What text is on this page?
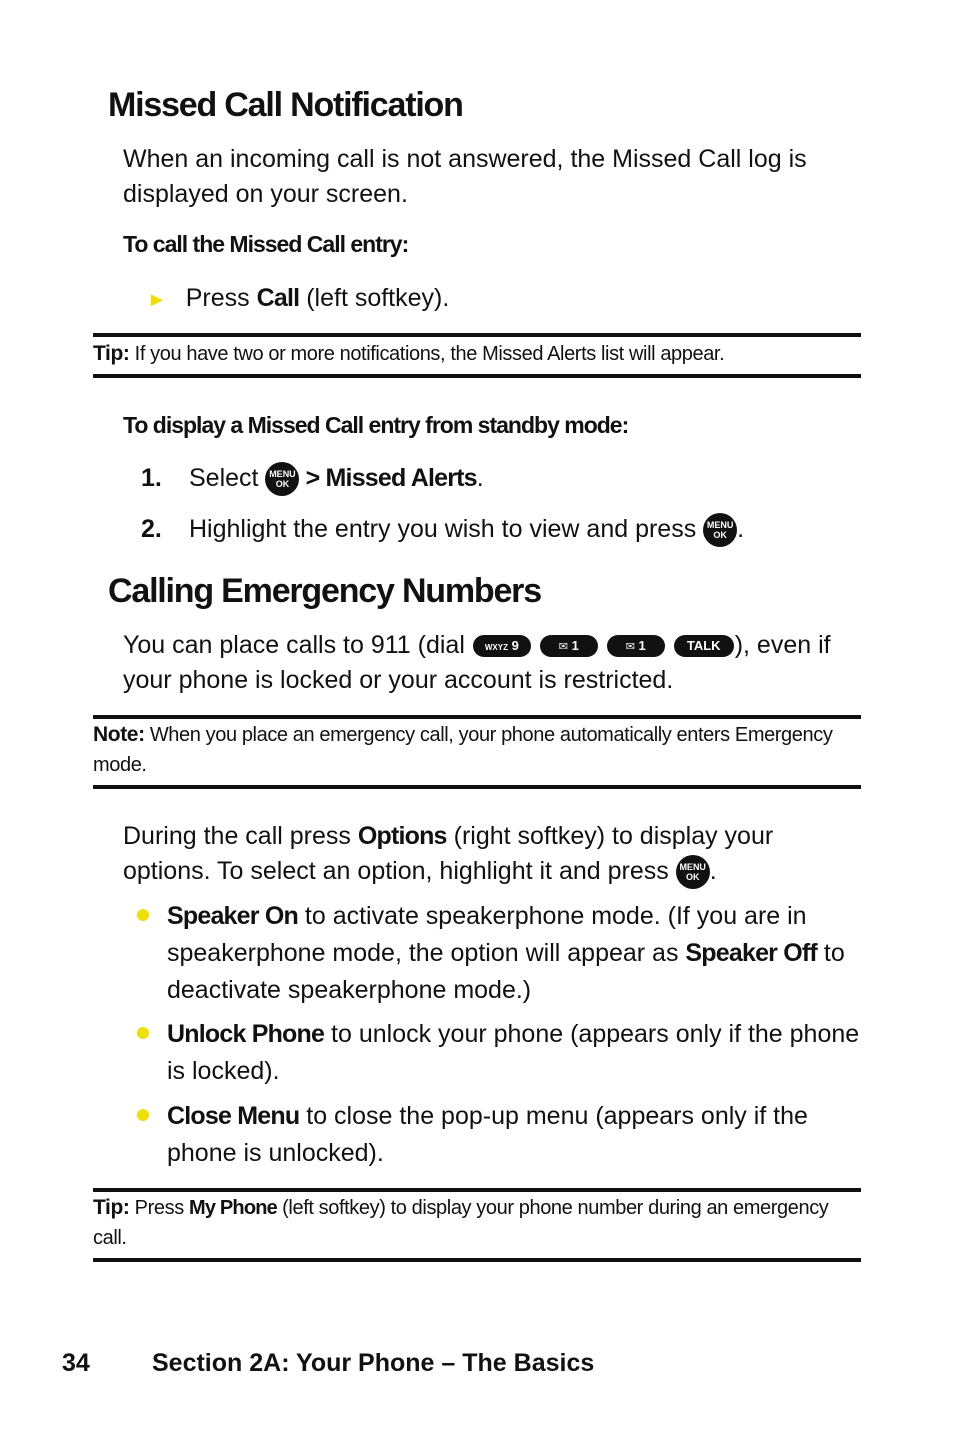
Missed Call Notification
When an incoming call is not answered, the Missed Call log is displayed on your screen.
To call the Missed Call entry:
► Press Call (left softkey).
Tip: If you have two or more notifications, the Missed Alerts list will appear.
To display a Missed Call entry from standby mode:
1. Select MENU
OK > Missed Alerts.
2. Highlight the entry you wish to view and press MENU
OK .
Calling Emergency Numbers
You can place calls to 911 (dial WXYZ 9	✉ 1	✉ 1	TALK ), even if your phone is locked or your account is restricted.
Note: When you place an emergency call, your phone automatically enters Emergency mode.
During the call press Options (right softkey) to display your options. To select an option, highlight it and press MENU
OK .
Speaker On to activate speakerphone mode. (If you are in speakerphone mode, the option will appear as Speaker Off to deactivate speakerphone mode.)
Unlock Phone to unlock your phone (appears only if the phone is locked).
Close Menu to close the pop-up menu (appears only if the phone is unlocked).
Tip: Press My Phone (left softkey) to display your phone number during an emergency call.
34 Section 2A: Your Phone – The Basics
